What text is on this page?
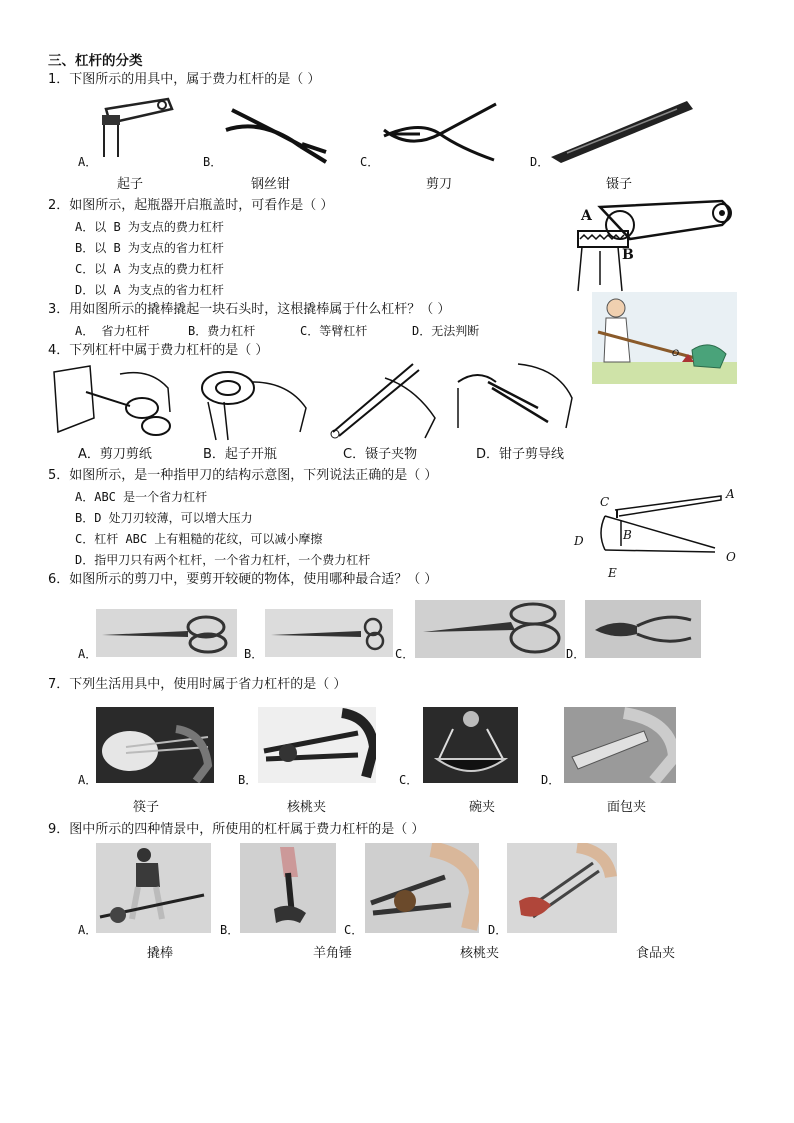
三、杠杆的分类
1．下图所示的用具中，属于费力杠杆的是（ ）
A．	B．	C．	D．
起子	钢丝钳	剪刀	镊子
2．如图所示，起瓶器开启瓶盖时，可看作是（ ）
A．以 B 为支点的费力杠杆
B．以 B 为支点的省力杠杆
C．以 A 为支点的费力杠杆
D．以 A 为支点的省力杠杆
A
B
3．用如图所示的撬棒撬起一块石头时，这根撬棒属于什么杠杆？（ ）
A． 省力杠杆	B．费力杠杆	C．等臂杠杆	D．无法判断
O
4．下列杠杆中属于费力杠杆的是（ ）
A．剪刀剪纸	B．起子开瓶	C．镊子夹物	D．钳子剪导线
5．如图所示，是一种指甲刀的结构示意图，下列说法正确的是（ ）
A．ABC 是一个省力杠杆
B．D 处刀刃较薄，可以增大压力
C．杠杆 ABC 上有粗糙的花纹，可以减小摩擦
D．指甲刀只有两个杠杆，一个省力杠杆，一个费力杠杆
C
A
B
D
O
E
6．如图所示的剪刀中，要剪开较硬的物体，使用哪种最合适？（ ）
A．	B．	C．	D．
7．下列生活用具中，使用时属于省力杠杆的是（ ）
A．	B．	C．	D．
筷子	核桃夹	碗夹	面包夹
9．图中所示的四种情景中，所使用的杠杆属于费力杠杆的是（ ）
A．	B．	C．	D．
撬棒	羊角锤	核桃夹	食品夹
